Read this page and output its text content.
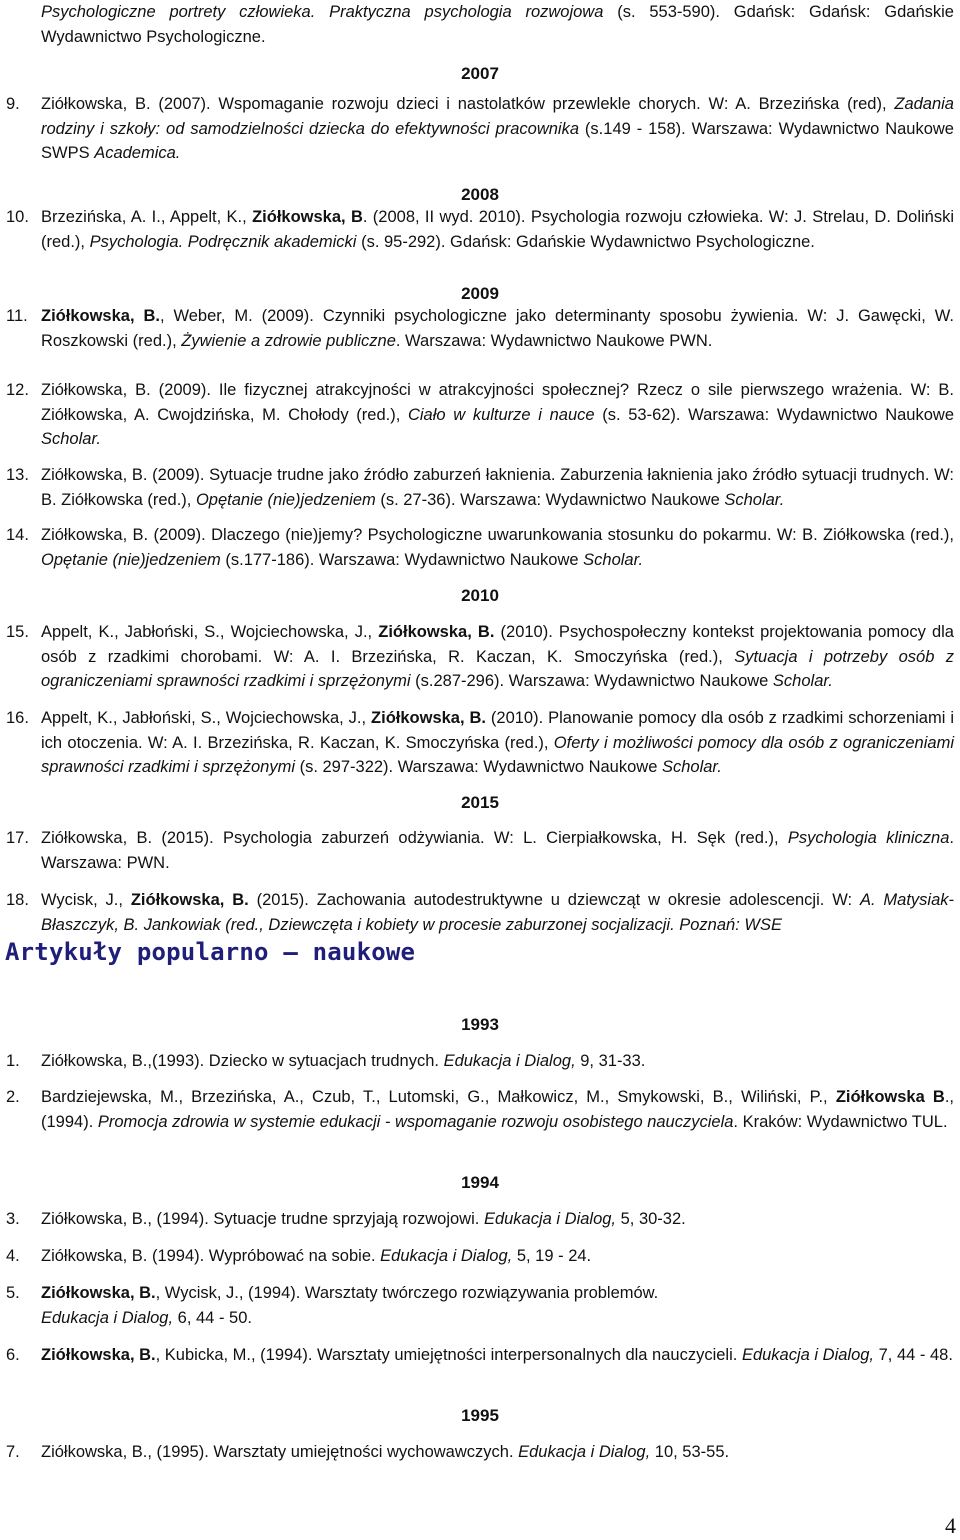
Psychologiczne portrety człowieka. Praktyczna psychologia rozwojowa (s. 553-590). Gdańsk: Gdańsk: Gdańskie Wydawnictwo Psychologiczne.

2007
9. Ziółkowska, B. (2007). Wspomaganie rozwoju dzieci i nastolatków przewlekle chorych. W: A. Brzezińska (red), Zadania rodziny i szkoły: od samodzielności dziecka do efektywności pracownika (s.149 - 158). Warszawa: Wydawnictwo Naukowe SWPS Academica.
2008
10. Brzezińska, A. I., Appelt, K., Ziółkowska, B. (2008, II wyd. 2010). Psychologia rozwoju człowieka. W: J. Strelau, D. Doliński (red.), Psychologia. Podręcznik akademicki (s. 95-292). Gdańsk: Gdańskie Wydawnictwo Psychologiczne.
2009
11. Ziółkowska, B., Weber, M. (2009). Czynniki psychologiczne jako determinanty sposobu żywienia. W: J. Gawęcki, W. Roszkowski (red.), Żywienie a zdrowie publiczne. Warszawa: Wydawnictwo Naukowe PWN.
12. Ziółkowska, B. (2009). Ile fizycznej atrakcyjności w atrakcyjności społecznej? Rzecz o sile pierwszego wrażenia. W: B. Ziółkowska, A. Cwojdzińska, M. Chołody (red.), Ciało w kulturze i nauce (s. 53-62). Warszawa: Wydawnictwo Naukowe Scholar.
13. Ziółkowska, B. (2009). Sytuacje trudne jako źródło zaburzeń łaknienia. Zaburzenia łaknienia jako źródło sytuacji trudnych. W: B. Ziółkowska (red.), Opętanie (nie)jedzeniem (s. 27-36). Warszawa: Wydawnictwo Naukowe Scholar.
14. Ziółkowska, B. (2009). Dlaczego (nie)jemy? Psychologiczne uwarunkowania stosunku do pokarmu. W: B. Ziółkowska (red.), Opętanie (nie)jedzeniem (s.177-186). Warszawa: Wydawnictwo Naukowe Scholar.
2010
15. Appelt, K., Jabłoński, S., Wojciechowska, J., Ziółkowska, B. (2010). Psychospołeczny kontekst projektowania pomocy dla osób z rzadkimi chorobami. W: A. I. Brzezińska, R. Kaczan, K. Smoczyńska (red.), Sytuacja i potrzeby osób z ograniczeniami sprawności rzadkimi i sprzężonymi (s.287-296). Warszawa: Wydawnictwo Naukowe Scholar.
16. Appelt, K., Jabłoński, S., Wojciechowska, J., Ziółkowska, B. (2010). Planowanie pomocy dla osób z rzadkimi schorzeniami i ich otoczenia. W: A. I. Brzezińska, R. Kaczan, K. Smoczyńska (red.), Oferty i możliwości pomocy dla osób z ograniczeniami sprawności rzadkimi i sprzężonymi (s. 297-322). Warszawa: Wydawnictwo Naukowe Scholar.
2015
17. Ziółkowska, B. (2015). Psychologia zaburzeń odżywiania. W: L. Cierpiałkowska, H. Sęk (red.), Psychologia kliniczna. Warszawa: PWN.
18. Wycisk, J., Ziółkowska, B. (2015). Zachowania autodestruktywne u dziewcząt w okresie adolescencji. W: A. Matysiak-Błaszczyk, B. Jankowiak (red., Dziewczęta i kobiety w procesie zaburzonej socjalizacji. Poznań: WSE
Artykuły popularno – naukowe
1993
1. Ziółkowska, B.,(1993). Dziecko w sytuacjach trudnych. Edukacja i Dialog, 9, 31-33.
2. Bardziejewska, M., Brzezińska, A., Czub, T., Lutomski, G., Małkowicz, M., Smykowski, B., Wiliński, P., Ziółkowska B., (1994). Promocja zdrowia w systemie edukacji - wspomaganie rozwoju osobistego nauczyciela. Kraków: Wydawnictwo TUL.
1994
3. Ziółkowska, B., (1994). Sytuacje trudne sprzyjają rozwojowi. Edukacja i Dialog, 5, 30-32.
4. Ziółkowska, B. (1994). Wypróbować na sobie. Edukacja i Dialog, 5, 19 - 24.
5. Ziółkowska, B., Wycisk, J., (1994). Warsztaty twórczego rozwiązywania problemów.
Edukacja i Dialog, 6, 44 - 50.
6. Ziółkowska, B., Kubicka, M., (1994). Warsztaty umiejętności interpersonalnych dla nauczycieli. Edukacja i Dialog, 7, 44 - 48.
1995
7. Ziółkowska, B., (1995). Warsztaty umiejętności wychowawczych. Edukacja i Dialog, 10, 53-55.
4
